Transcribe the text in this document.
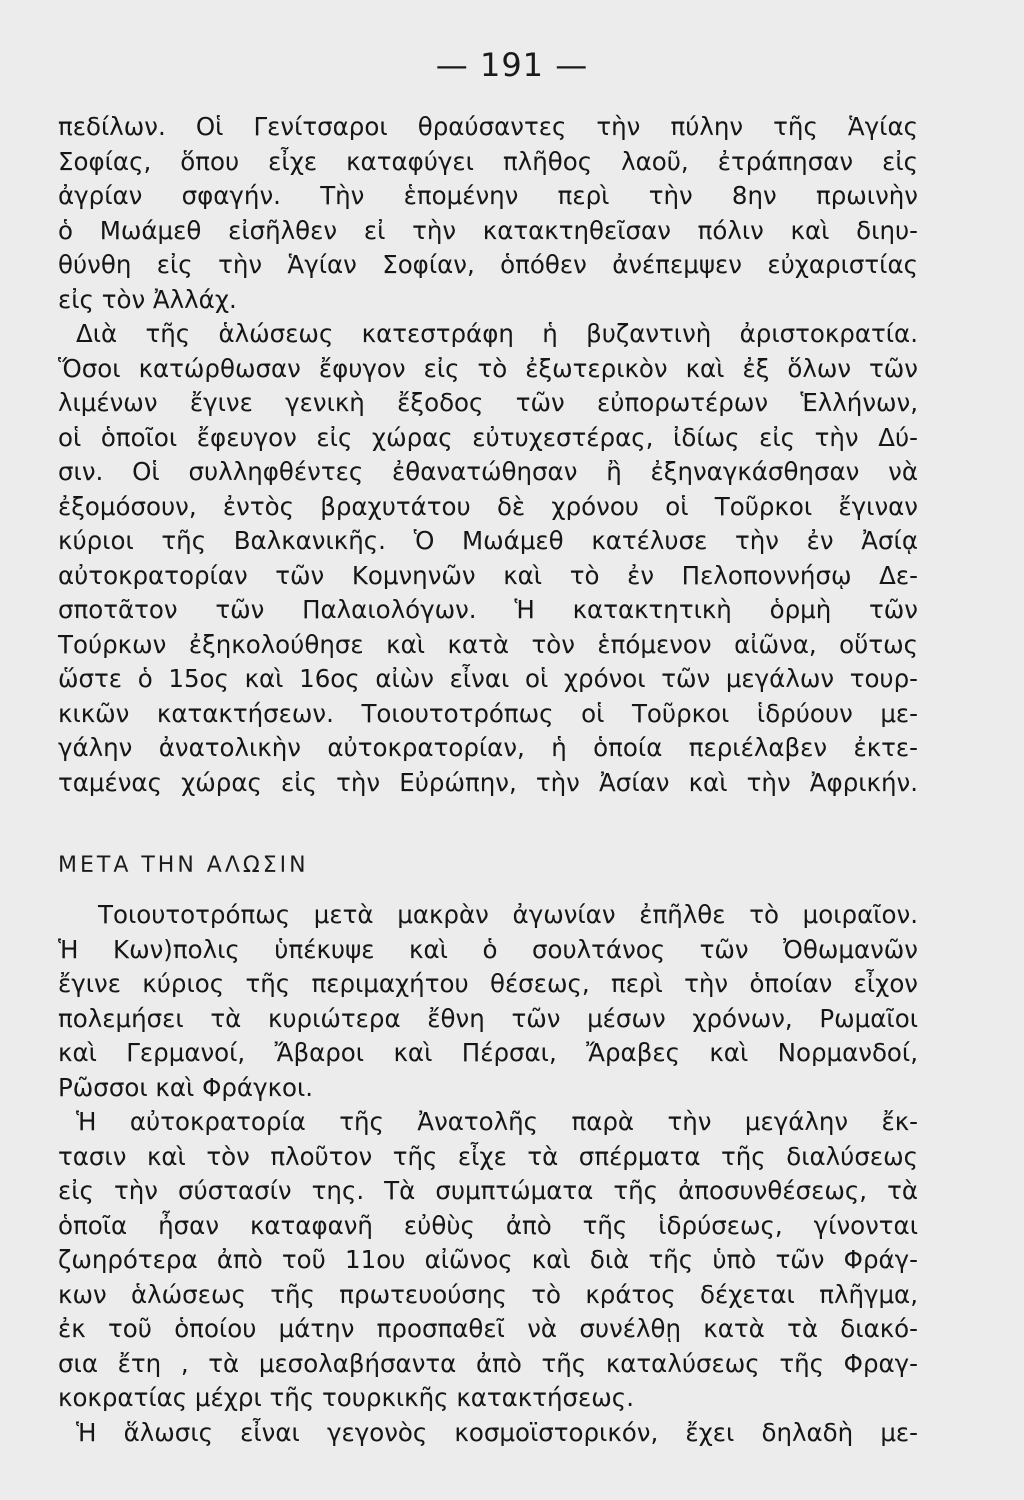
— 191 —
πεδίλων. Οἱ Γενίτσαροι θραύσαντες τὴν πύλην τῆς Ἁγίας
Σοφίας, ὅπου εἶχε καταφύγει πλῆθος λαοῦ, ἐτράπησαν εἰς
ἀγρίαν σφαγήν. Τὴν ἑπομένην περὶ τὴν 8ην πρωινὴν
ὁ Μωάμεθ εἰσῆλθεν εἰ τὴν κατακτηθεῖσαν πόλιν καὶ διηυ-
θύνθη εἰς τὴν Ἁγίαν Σοφίαν, ὁπόθεν ἀνέπεμψεν εὐχαριστίας
εἰς τὸν Ἀλλάχ.
Διὰ τῆς ἁλώσεως κατεστράφη ἡ βυζαντινὴ ἀριστοκρατία.
Ὅσοι κατώρθωσαν ἔφυγον εἰς τὸ ἐξωτερικὸν καὶ ἐξ ὅλων τῶν
λιμένων ἔγινε γενικὴ ἔξοδος τῶν εὐπορωτέρων Ἑλλήνων,
οἱ ὁποῖοι ἔφευγον εἰς χώρας εὐτυχεστέρας, ἰδίως εἰς τὴν Δύ-
σιν. Οἱ συλληφθέντες ἐθανατώθησαν ἢ ἐξηναγκάσθησαν νὰ
ἐξομόσουν, ἐντὸς βραχυτάτου δὲ χρόνου οἱ Τοῦρκοι ἔγιναν
κύριοι τῆς Βαλκανικῆς. Ὁ Μωάμεθ κατέλυσε τὴν ἐν Ἀσίᾳ
αὐτοκρατορίαν τῶν Κομνηνῶν καὶ τὸ ἐν Πελοποννήσῳ Δε-
σποτᾶτον τῶν Παλαιολόγων. Ἡ κατακτητικὴ ὁρμὴ τῶν
Τούρκων ἐξηκολούθησε καὶ κατὰ τὸν ἑπόμενον αἰῶνα, οὕτως
ὥστε ὁ 15ος καὶ 16ος αἰὼν εἶναι οἱ χρόνοι τῶν μεγάλων τουρ-
κικῶν κατακτήσεων. Τοιουτοτρόπως οἱ Τοῦρκοι ἱδρύουν με-
γάλην ἀνατολικὴν αὐτοκρατορίαν, ἡ ὁποία περιέλαβεν ἐκτε-
ταμένας χώρας εἰς τὴν Εὐρώπην, τὴν Ἀσίαν καὶ τὴν Ἀφρικήν.
ΜΕΤΑ ΤΗΝ ΑΛΩΣΙΝ
Τοιουτοτρόπως μετὰ μακρὰν ἀγωνίαν ἐπῆλθε τὸ μοιραῖον.
Ἡ Κων)πολις ὑπέκυψε καὶ ὁ σουλτάνος τῶν Ὀθωμανῶν
ἔγινε κύριος τῆς περιμαχήτου θέσεως, περὶ τὴν ὁποίαν εἶχον
πολεμήσει τὰ κυριώτερα ἔθνη τῶν μέσων χρόνων, Ρωμαῖοι
καὶ Γερμανοί, Ἄβαροι καὶ Πέρσαι, Ἄραβες καὶ Νορμανδοί,
Ρῶσσοι καὶ Φράγκοι.
Ἡ αὐτοκρατορία τῆς Ἀνατολῆς παρὰ τὴν μεγάλην ἔκ-
τασιν καὶ τὸν πλοῦτον τῆς εἶχε τὰ σπέρματα τῆς διαλύσεως
εἰς τὴν σύστασίν της. Τὰ συμπτώματα τῆς ἀποσυνθέσεως, τὰ
ὁποῖα ἦσαν καταφανῆ εὐθὺς ἀπὸ τῆς ἱδρύσεως, γίνονται
ζωηρότερα ἀπὸ τοῦ 11ου αἰῶνος καὶ διὰ τῆς ὑπὸ τῶν Φράγ-
κων ἁλώσεως τῆς πρωτευούσης τὸ κράτος δέχεται πλῆγμα,
ἐκ τοῦ ὁποίου μάτην προσπαθεῖ νὰ συνέλθῃ κατὰ τὰ διακό-
σια ἔτη , τὰ μεσολαβήσαντα ἀπὸ τῆς καταλύσεως τῆς Φραγ-
κοκρατίας μέχρι τῆς τουρκικῆς κατακτήσεως.
Ἡ ἅλωσις εἶναι γεγονὸς κοσμοϊστορικόν, ἔχει δηλαδὴ με-
